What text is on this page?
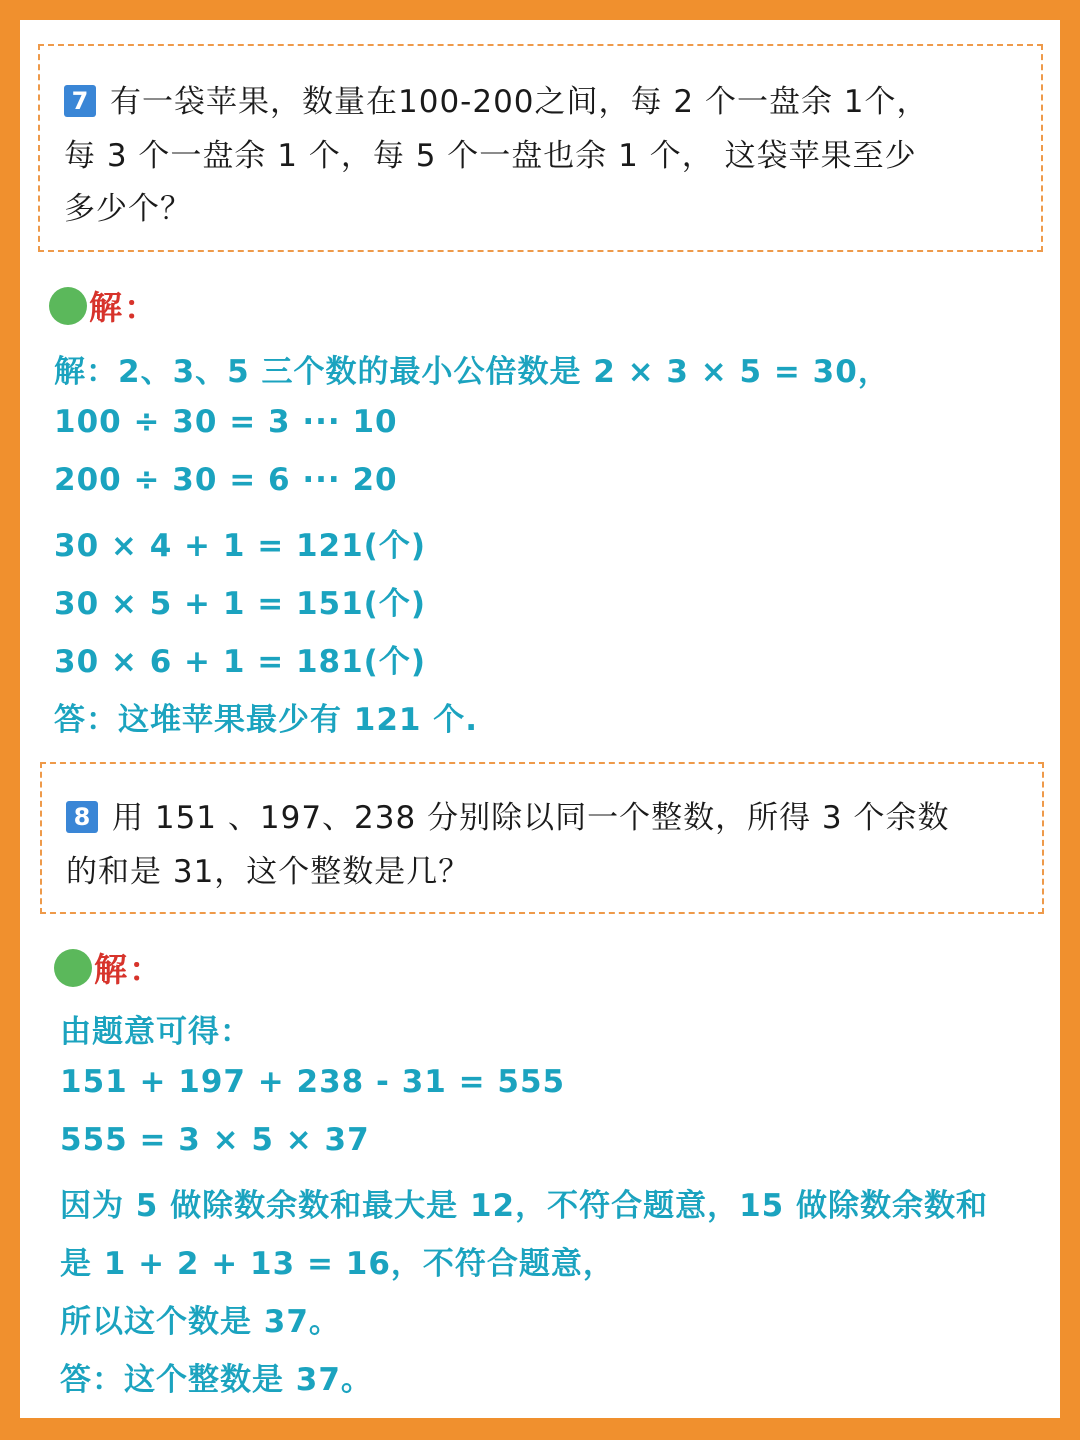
7 有一袋苹果，数量在100-200之间，每 2 个一盘余 1个，
每 3 个一盘余 1 个，每 5 个一盘也余 1 个， 这袋苹果至少
多少个？
解：
解：2、3、5 三个数的最小公倍数是 2 × 3 × 5 = 30，
100 ÷ 30 = 3 ··· 10
200 ÷ 30 = 6 ··· 20
30 × 4 + 1 = 121(个)
30 × 5 + 1 = 151(个)
30 × 6 + 1 = 181(个)
答：这堆苹果最少有 121 个.
8 用 151 、197、238 分别除以同一个整数，所得 3 个余数
的和是 31，这个整数是几？
解：
由题意可得：
151 + 197 + 238 - 31 = 555
555 = 3 × 5 × 37
因为 5 做除数余数和最大是 12，不符合题意，15 做除数余数和
是 1 + 2 + 13 = 16，不符合题意，
所以这个数是 37。
答：这个整数是 37。
